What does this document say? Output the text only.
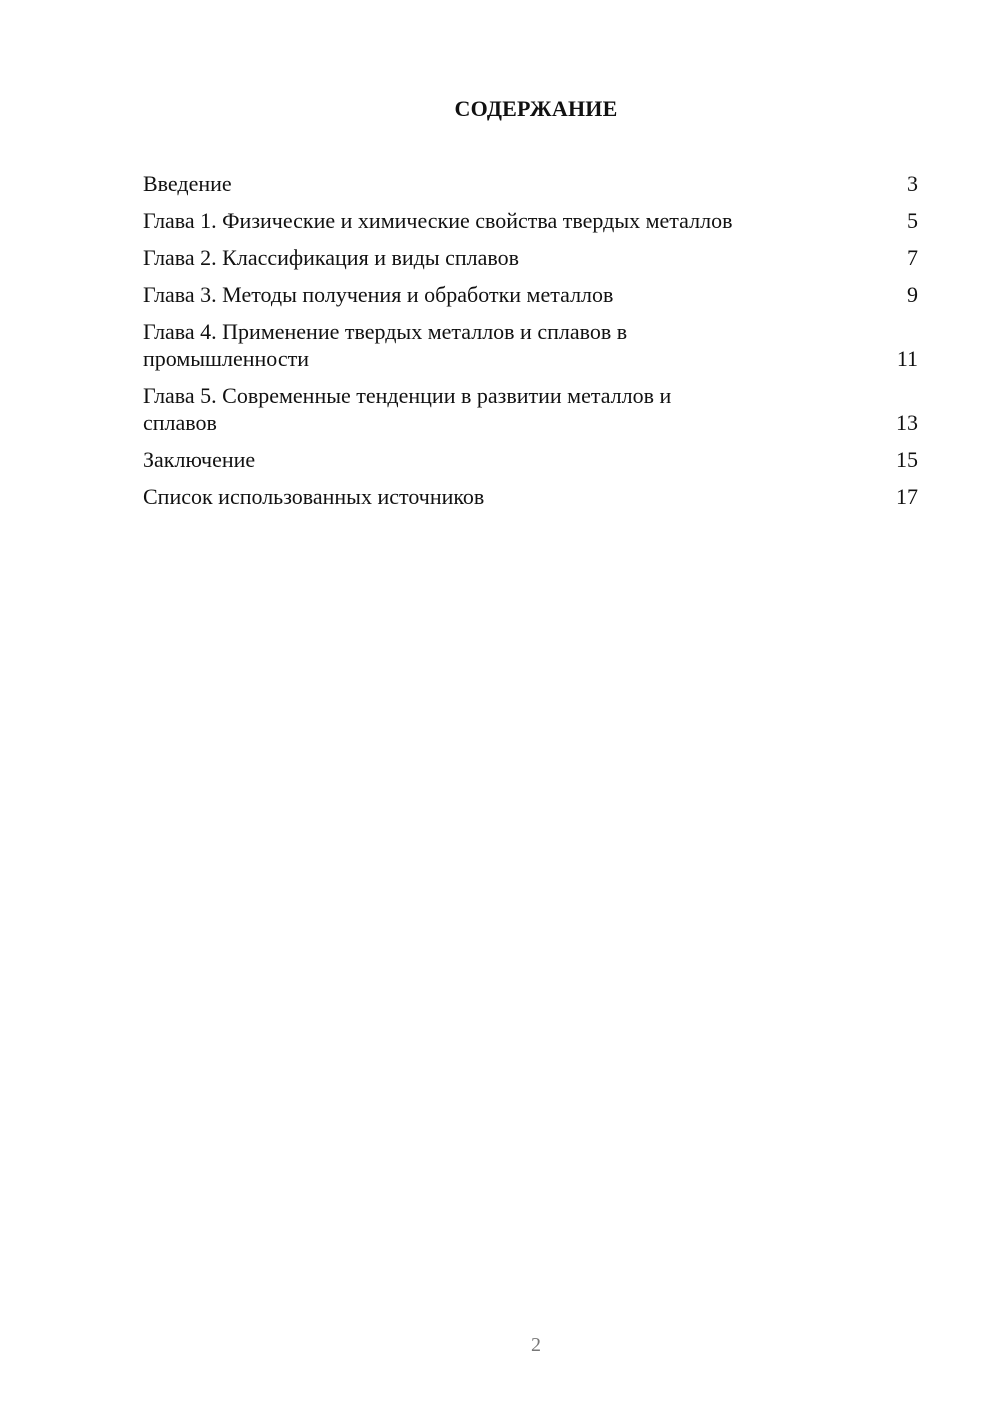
СОДЕРЖАНИЕ
Введение	3
Глава 1. Физические и химические свойства твердых металлов	5
Глава 2. Классификация и виды сплавов	7
Глава 3. Методы получения и обработки металлов	9
Глава 4. Применение твердых металлов и сплавов в промышленности	11
Глава 5. Современные тенденции в развитии металлов и сплавов	13
Заключение	15
Список использованных источников	17
2
